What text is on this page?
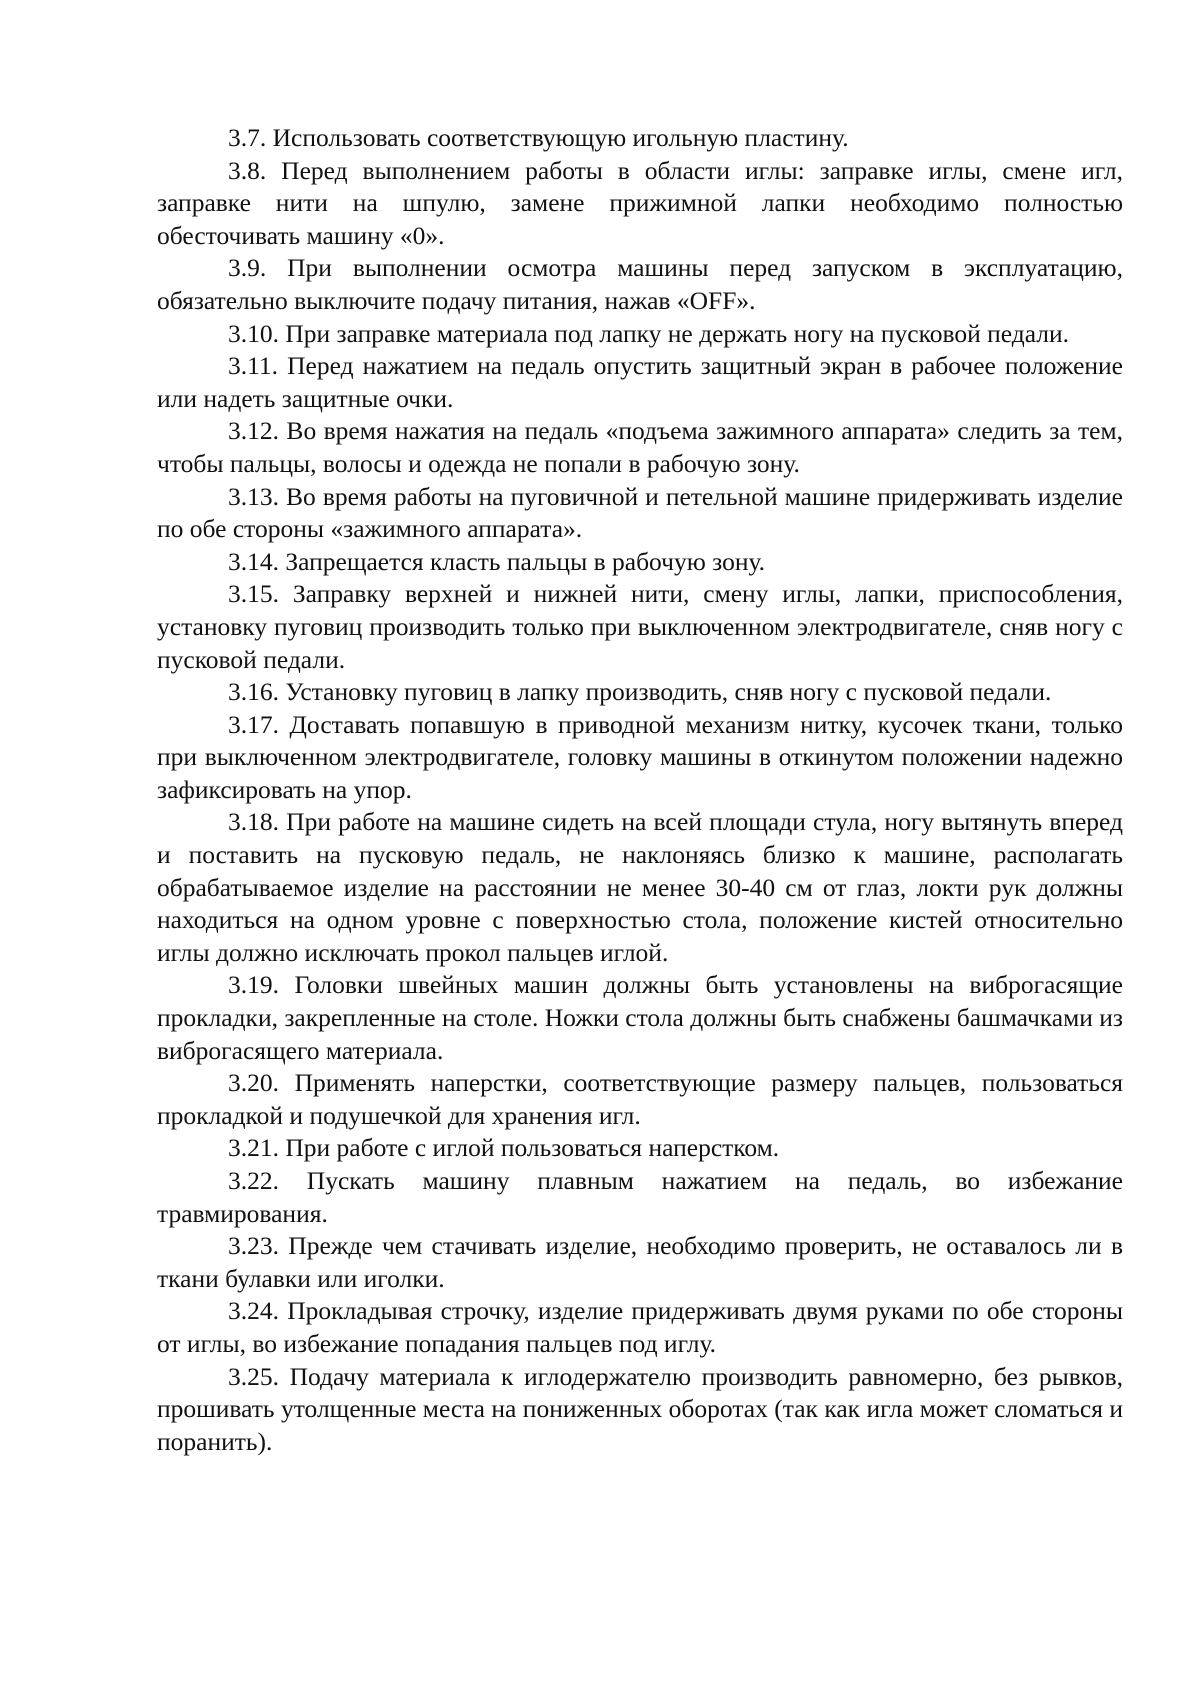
3.7. Использовать соответствующую игольную пластину.

3.8. Перед выполнением работы в области иглы: заправке иглы, смене игл, заправке нити на шпулю, замене прижимной лапки необходимо полностью обесточивать машину «0».

3.9. При выполнении осмотра машины перед запуском в эксплуатацию, обязательно выключите подачу питания, нажав «OFF».

3.10. При заправке материала под лапку не держать ногу на пусковой педали.

3.11. Перед нажатием на педаль опустить защитный экран в рабочее положение или надеть защитные очки.

3.12. Во время нажатия на педаль «подъема зажимного аппарата» следить за тем, чтобы пальцы, волосы и одежда не попали в рабочую зону.

3.13. Во время работы на пуговичной и петельной машине придерживать изделие по обе стороны «зажимного аппарата».

3.14. Запрещается класть пальцы в рабочую зону.

3.15. Заправку верхней и нижней нити, смену иглы, лапки, приспособления, установку пуговиц производить только при выключенном электродвигателе, сняв ногу с пусковой педали.

3.16. Установку пуговиц в лапку производить, сняв ногу с пусковой педали.

3.17. Доставать попавшую в приводной механизм нитку, кусочек ткани, только при выключенном электродвигателе, головку машины в откинутом положении надежно зафиксировать на упор.

3.18. При работе на машине сидеть на всей площади стула, ногу вытянуть вперед и поставить на пусковую педаль, не наклоняясь близко к машине, располагать обрабатываемое изделие на расстоянии не менее 30-40 см от глаз, локти рук должны находиться на одном уровне с поверхностью стола, положение кистей относительно иглы должно исключать прокол пальцев иглой.

3.19. Головки швейных машин должны быть установлены на виброгасящие прокладки, закрепленные на столе. Ножки стола должны быть снабжены башмачками из виброгасящего материала.

3.20. Применять наперстки, соответствующие размеру пальцев, пользоваться прокладкой и подушечкой для хранения игл.

3.21. При работе с иглой пользоваться наперстком.

3.22. Пускать машину плавным нажатием на педаль, во избежание травмирования.

3.23. Прежде чем стачивать изделие, необходимо проверить, не оставалось ли в ткани булавки или иголки.

3.24. Прокладывая строчку, изделие придерживать двумя руками по обе стороны от иглы, во избежание попадания пальцев под иглу.

3.25. Подачу материала к иглодержателю производить равномерно, без рывков, прошивать утолщенные места на пониженных оборотах (так как игла может сломаться и поранить).
